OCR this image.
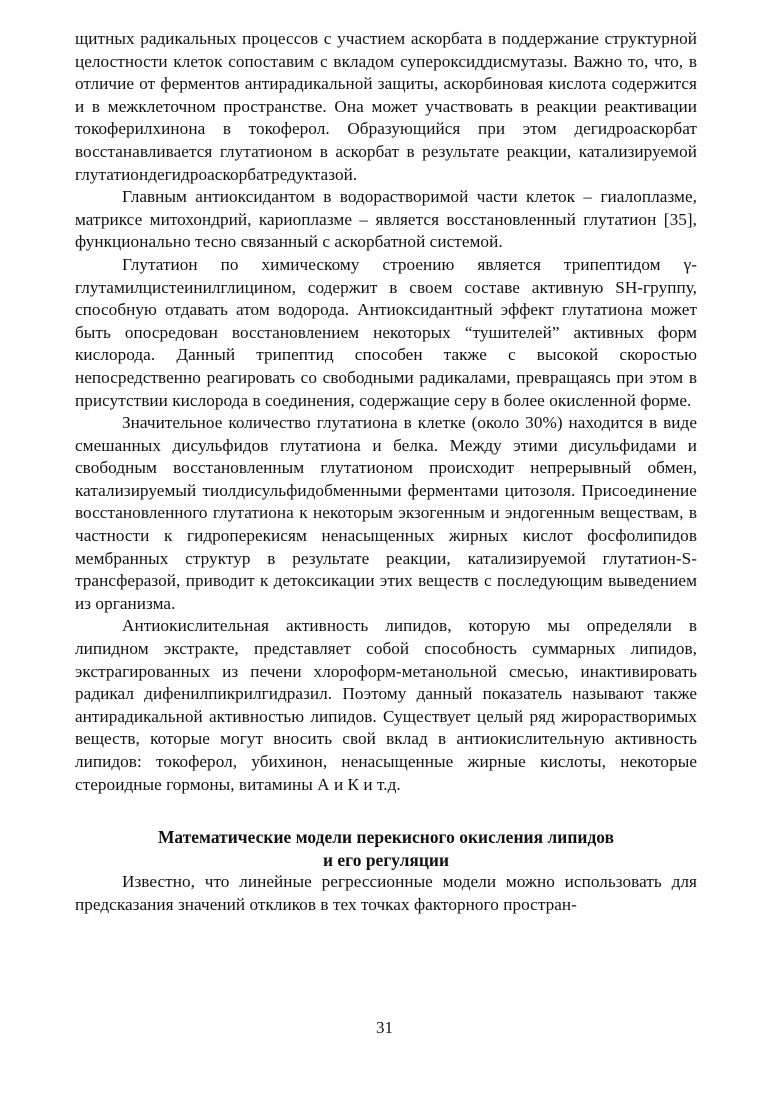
щитных радикальных процессов с участием аскорбата в поддержание структурной целостности клеток сопоставим с вкладом супероксиддисмутазы. Важно то, что, в отличие от ферментов антирадикальной защиты, аскорбиновая кислота содержится и в межклеточном пространстве. Она может участвовать в реакции реактивации токоферилхинона в токоферол. Образующийся при этом дегидроаскорбат восстанавливается глутатионом в аскорбат в результате реакции, катализируемой глутатиондегидроаскорбатредуктазой.

Главным антиоксидантом в водорастворимой части клеток – гиалоплазме, матриксе митохондрий, кариоплазме – является восстановленный глутатион [35], функционально тесно связанный с аскорбатной системой.

Глутатион по химическому строению является трипептидом γ-глутамилцистеинилглицином, содержит в своем составе активную SH-группу, способную отдавать атом водорода. Антиоксидантный эффект глутатиона может быть опосредован восстановлением некоторых “тушителей” активных форм кислорода. Данный трипептид способен также с высокой скоростью непосредственно реагировать со свободными радикалами, превращаясь при этом в присутствии кислорода в соединения, содержащие серу в более окисленной форме.

Значительное количество глутатиона в клетке (около 30%) находится в виде смешанных дисульфидов глутатиона и белка. Между этими дисульфидами и свободным восстановленным глутатионом происходит непрерывный обмен, катализируемый тиолдисульфидобменными ферментами цитозоля. Присоединение восстановленного глутатиона к некоторым экзогенным и эндогенным веществам, в частности к гидроперекисям ненасыщенных жирных кислот фосфолипидов мембранных структур в результате реакции, катализируемой глутатион-S-трансферазой, приводит к детоксикации этих веществ с последующим выведением из организма.

Антиокислительная активность липидов, которую мы определяли в липидном экстракте, представляет собой способность суммарных липидов, экстрагированных из печени хлороформ-метанольной смесью, инактивировать радикал дифенилпикрилгидразил. Поэтому данный показатель называют также антирадикальной активностью липидов. Существует целый ряд жирорастворимых веществ, которые могут вносить свой вклад в антиокислительную активность липидов: токоферол, убихинон, ненасыщенные жирные кислоты, некоторые стероидные гормоны, витамины А и К и т.д.

Математические модели перекисного окисления липидов
и его регуляции

Известно, что линейные регрессионные модели можно использовать для предсказания значений откликов в тех точках факторного простран-

31
